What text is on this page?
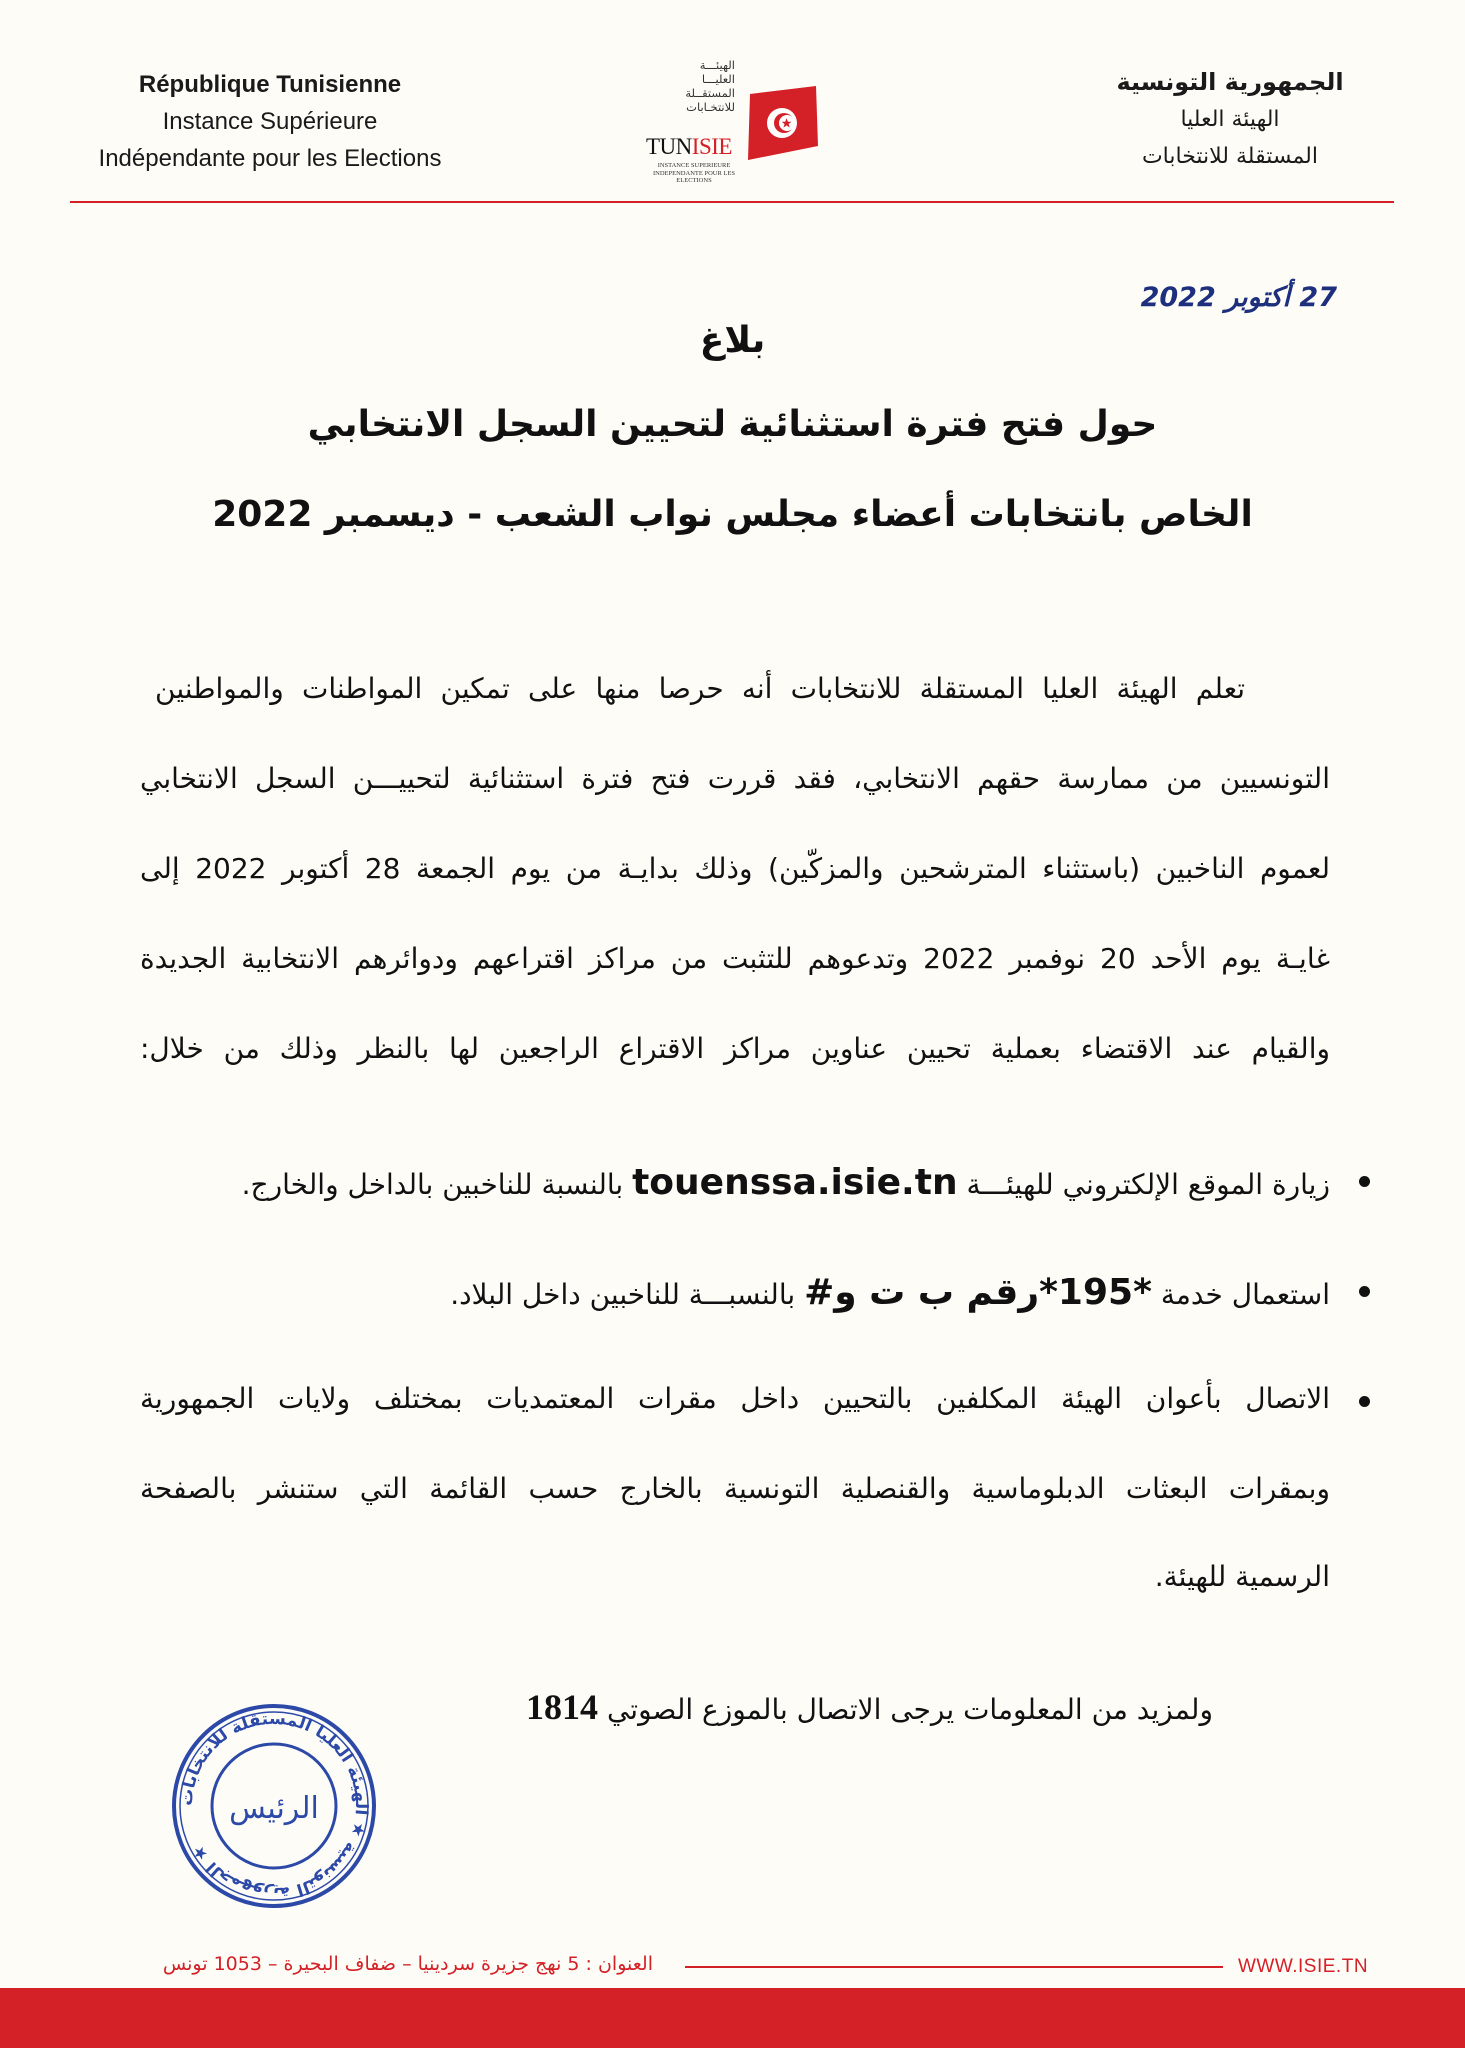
République Tunisienne
Instance Supérieure
Indépendante pour les Elections
الهيئـــة
العليـــا
المستقــلة
للانتخـابات
TUNISIE
INSTANCE SUPERIEURE INDEPENDANTE POUR LES ELECTIONS
الجمهورية التونسية
الهيئة العليا
المستقلة للانتخابات
27 أكتوبر 2022
بلاغ
حول فتح فترة استثنائية لتحيين السجل الانتخابي
الخاص بانتخابات أعضاء مجلس نواب الشعب - ديسمبر 2022
تعلم الهيئة العليا المستقلة للانتخابات أنه حرصا منها على تمكين المواطنات والمواطنين
التونسيين من ممارسة حقهم الانتخابي، فقد قررت فتح فترة استثنائية لتحييـــن السجل الانتخابي
لعموم الناخبين (باستثناء المترشحين والمزكّين) وذلك بدايـة من يوم الجمعة 28 أكتوبر 2022 إلى
غايـة يوم الأحد 20 نوفمبر 2022 وتدعوهم للتثبت من مراكز اقتراعهم ودوائرهم الانتخابية الجديدة
والقيام عند الاقتضاء بعملية تحيين عناوين مراكز الاقتراع الراجعين لها بالنظر وذلك من خلال:
زيارة الموقع الإلكتروني للهيئـــة touenssa.isie.tn بالنسبة للناخبين بالداخل والخارج.
استعمال خدمة *195*رقم ب ت و# بالنسبـــة للناخبين داخل البلاد.
الاتصال بأعوان الهيئة المكلفين بالتحيين داخل مقرات المعتمديات بمختلف ولايات الجمهورية
وبمقرات البعثات الدبلوماسية والقنصلية التونسية بالخارج حسب القائمة التي ستنشر بالصفحة
الرسمية للهيئة.
ولمزيد من المعلومات يرجى الاتصال بالموزع الصوتي 1814
الجمهورية التونسية ★ الهيئة العليا المستقلة للانتخابات ★
الرئيس
العنوان : 5 نهج جزيرة سردينيا – ضفاف البحيرة – 1053 تونس	WWW.ISIE.TN
